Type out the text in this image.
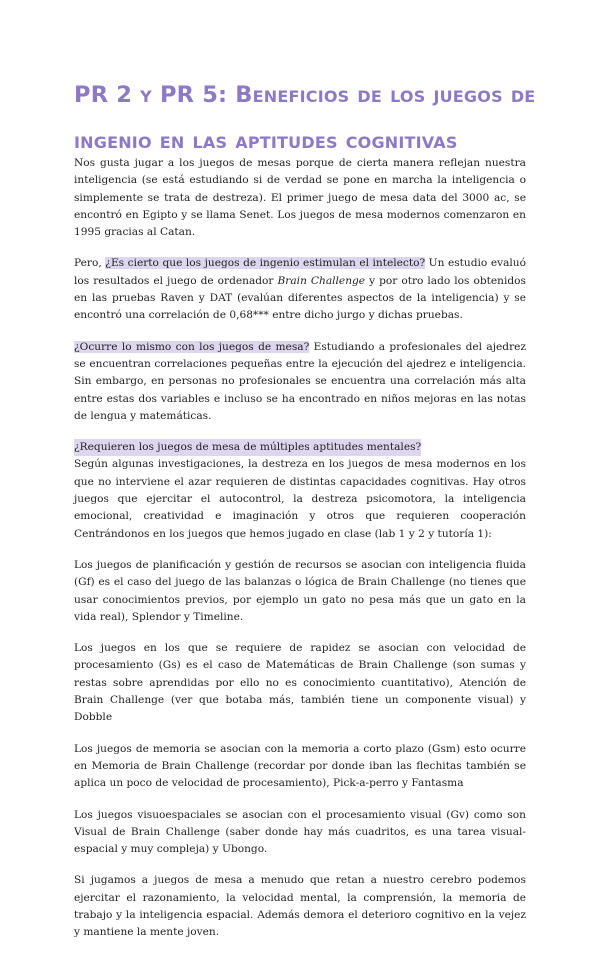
PR 2 y PR 5: Beneficios de los juegos de ingenio en las aptitudes cognitivas

Nos gusta jugar a los juegos de mesas porque de cierta manera reflejan nuestra inteligencia (se está estudiando si de verdad se pone en marcha la inteligencia o simplemente se trata de destreza). El primer juego de mesa data del 3000 ac, se encontró en Egipto y se llama Senet. Los juegos de mesa modernos comenzaron en 1995 gracias al Catan.

Pero, ¿Es cierto que los juegos de ingenio estimulan el intelecto? Un estudio evaluó los resultados el juego de ordenador Brain Challenge y por otro lado los obtenidos en las pruebas Raven y DAT (evalúan diferentes aspectos de la inteligencia) y se encontró una correlación de 0,68*** entre dicho jurgo y dichas pruebas.

¿Ocurre lo mismo con los juegos de mesa? Estudiando a profesionales del ajedrez se encuentran correlaciones pequeñas entre la ejecución del ajedrez e inteligencia. Sin embargo, en personas no profesionales se encuentra una correlación más alta entre estas dos variables e incluso se ha encontrado en niños mejoras en las notas de lengua y matemáticas.

¿Requieren los juegos de mesa de múltiples aptitudes mentales?
Según algunas investigaciones, la destreza en los juegos de mesa modernos en los que no interviene el azar requieren de distintas capacidades cognitivas. Hay otros juegos que ejercitar el autocontrol, la destreza psicomotora, la inteligencia emocional, creatividad e imaginación y otros que requieren cooperación Centrándonos en los juegos que hemos jugado en clase (lab 1 y 2 y tutoría 1):

Los juegos de planificación y gestión de recursos se asocian con inteligencia fluida (Gf) es el caso del juego de las balanzas o lógica de Brain Challenge (no tienes que usar conocimientos previos, por ejemplo un gato no pesa más que un gato en la vida real), Splendor y Timeline.

Los juegos en los que se requiere de rapidez se asocian con velocidad de procesamiento (Gs) es el caso de Matemáticas de Brain Challenge (son sumas y restas sobre aprendidas por ello no es conocimiento cuantitativo), Atención de Brain Challenge (ver que botaba más, también tiene un componente visual) y Dobble

Los juegos de memoria se asocian con la memoria a corto plazo (Gsm) esto ocurre en Memoria de Brain Challenge (recordar por donde iban las flechitas también se aplica un poco de velocidad de procesamiento), Pick-a-perro y Fantasma

Los juegos visuoespaciales se asocian con el procesamiento visual (Gv) como son Visual de Brain Challenge (saber donde hay más cuadritos, es una tarea visual-espacial y muy compleja) y Ubongo.

Si jugamos a juegos de mesa a menudo que retan a nuestro cerebro podemos ejercitar el razonamiento, la velocidad mental, la comprensión, la memoria de trabajo y la inteligencia espacial. Además demora el deterioro cognitivo en la vejez y mantiene la mente joven.
